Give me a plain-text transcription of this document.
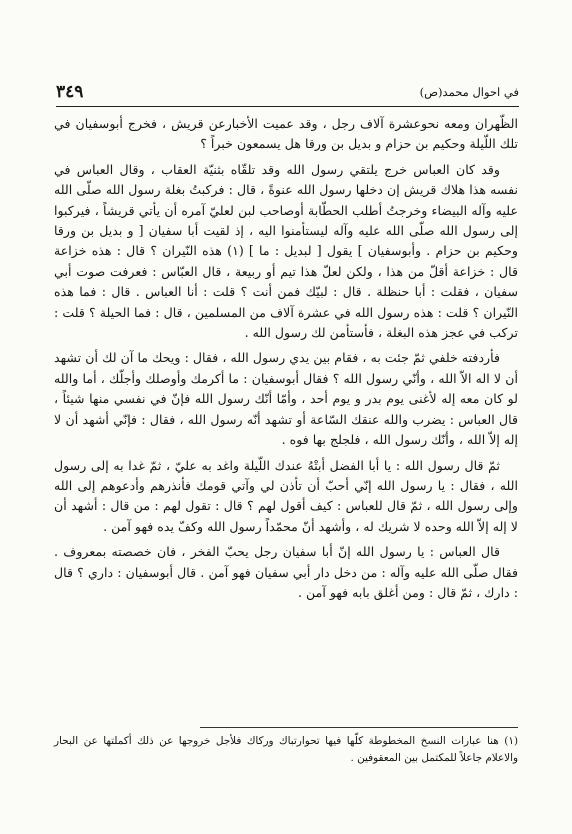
٣٤٩	في احوال محمد(ص)

الظّهران ومعه نحوعشرة آلاف رجل ، وقد عميت الأخبارعن قريش ، فخرج أبوسفيان في تلك اللّيلة وحكيم بن حزام و بديل بن ورقا هل يسمعون خبراً ؟

وقد كان العباس خرج يلتقي رسول الله وقد تلقّاه بثنيّة العقاب ، وقال العباس في نفسه هذا هلاك قريش إن دخلها رسول الله عنوةً ، قال : فركبتُ بغلة رسول الله صلّى الله عليه وآله البيضاء وخرجتُ أطلب الحطّابة أوصاحب لبن لعليّ آمره أن يأتي قريشاً ، فيركبوا إلى رسول الله صلّى الله عليه وآله ليستأمنوا اليه ، إذ لقيت أبا سفيان [ و بديل بن ورقا وحكيم بن حزام . وأبوسفيان ] يقول [ لبديل : ما ] (١) هذه النّيران ؟ قال : هذه خزاعة قال : خزاعة أقلّ من هذا ، ولكن لعلّ هذا تيم أو ربيعة ، قال العبّاس : فعرفت صوت أبي سفيان ، فقلت : أبا حنظلة . قال : لبيّك فمن أنت ؟ قلت : أنا العباس . قال : فما هذه النّيران ؟ قلت : هذه رسول الله في عشرة آلاف من المسلمين ، قال : فما الحيلة ؟ قلت : تركب في عجز هذه البغلة ، فأستأمن لك رسول الله .

فأردفته خلفي ثمّ جئت به ، فقام بين يدي رسول الله ، فقال : ويحك ما آن لك أن تشهد أن لا اله الاّ الله ، وأنّي رسول الله ؟ فقال أبوسفيان : ما أكرمك وأوصلك وأجلّك ، أما والله لو كان معه إله لأغنى يوم بدر و يوم أحد ، وأمّا أنّك رسول الله فإنّ في نفسي منها شيئاً ، قال العباس : يضرب والله عنقك السّاعة أو تشهد أنّه رسول الله ، فقال : فإنّي أشهد أن لا إله إلاّ الله ، وأنّك رسول الله ، فلجلج بها فوه .

ثمّ قال رسول الله : يا أبا الفضل أبتْهُ عندك اللّيلة واغد به عليّ ، ثمّ غدا به إلى رسول الله ، فقال : يا رسول الله إنّي أحبّ أن تأذن لي وآتي قومك فأنذرهم وأدعوهم إلى الله وإلى رسول الله ، ثمّ قال للعباس : كيف أقول لهم ؟ قال : تقول لهم : من قال : أشهد أن لا إله إلاّ الله وحده لا شريك له ، وأشهد أنّ محمّداً رسول الله وكفّ يده فهو آمن .

قال العباس : يا رسول الله إنّ أبا سفيان رجل يحبّ الفخر ، فان خصصته بمعروف . فقال صلّى الله عليه وآله : من دخل دار أبي سفيان فهو آمن . قال أبوسفيان : داري ؟ قال : دارك ، ثمّ قال : ومن أغلق بابه فهو آمن .

(١) هنا عبارات النسخ المخطوطة كلّها فيها تحوارتباك وركاك فلأجل خروجها عن ذلك أكملتها عن البحار والاعلام جاعلاً للمكتمل بين المعقوفين .
